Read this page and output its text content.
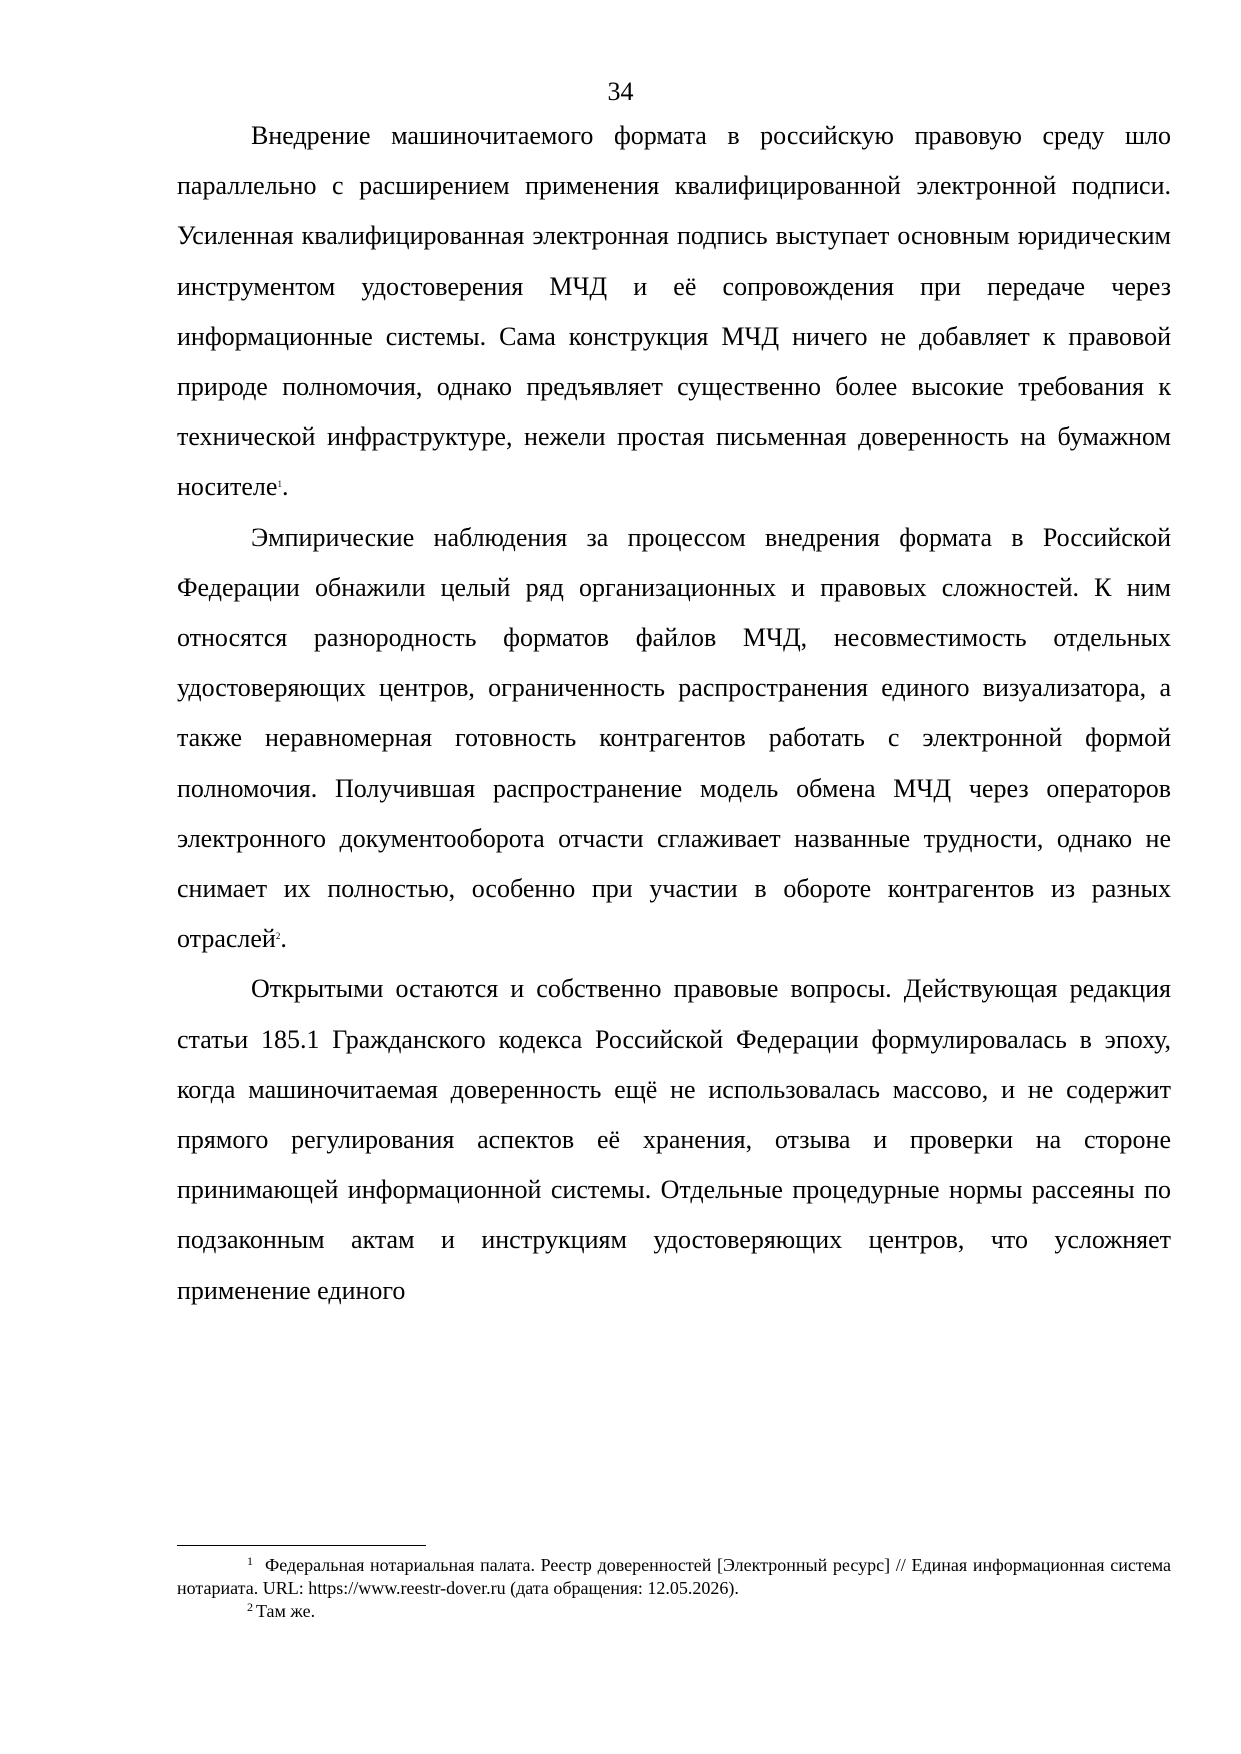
34

Внедрение машиночитаемого формата в российскую правовую среду шло параллельно с расширением применения квалифицированной электронной подписи. Усиленная квалифицированная электронная подпись выступает основным юридическим инструментом удостоверения МЧД и её сопровождения при передаче через информационные системы. Сама конструкция МЧД ничего не добавляет к правовой природе полномочия, однако предъявляет существенно более высокие требования к технической инфраструктуре, нежели простая письменная доверенность на бумажном носителе$^1$.

Эмпирические наблюдения за процессом внедрения формата в Российской Федерации обнажили целый ряд организационных и правовых сложностей. К ним относятся разнородность форматов файлов МЧД, несовместимость отдельных удостоверяющих центров, ограниченность распространения единого визуализатора, а также неравномерная готовность контрагентов работать с электронной формой полномочия. Получившая распространение модель обмена МЧД через операторов электронного документооборота отчасти сглаживает названные трудности, однако не снимает их полностью, особенно при участии в обороте контрагентов из разных отраслей$^2$.

Открытыми остаются и собственно правовые вопросы. Действующая редакция статьи 185.1 Гражданского кодекса Российской Федерации формулировалась в эпоху, когда машиночитаемая доверенность ещё не использовалась массово, и не содержит прямого регулирования аспектов её хранения, отзыва и проверки на стороне принимающей информационной системы. Отдельные процедурные нормы рассеяны по подзаконным актам и инструкциям удостоверяющих центров, что усложняет применение единого

$^1$ Федеральная нотариальная палата. Реестр доверенностей [Электронный ресурс] // Единая информационная система нотариата. URL: https://www.reestr-dover.ru (дата обращения: 12.05.2026).

$^2$ Там же.
